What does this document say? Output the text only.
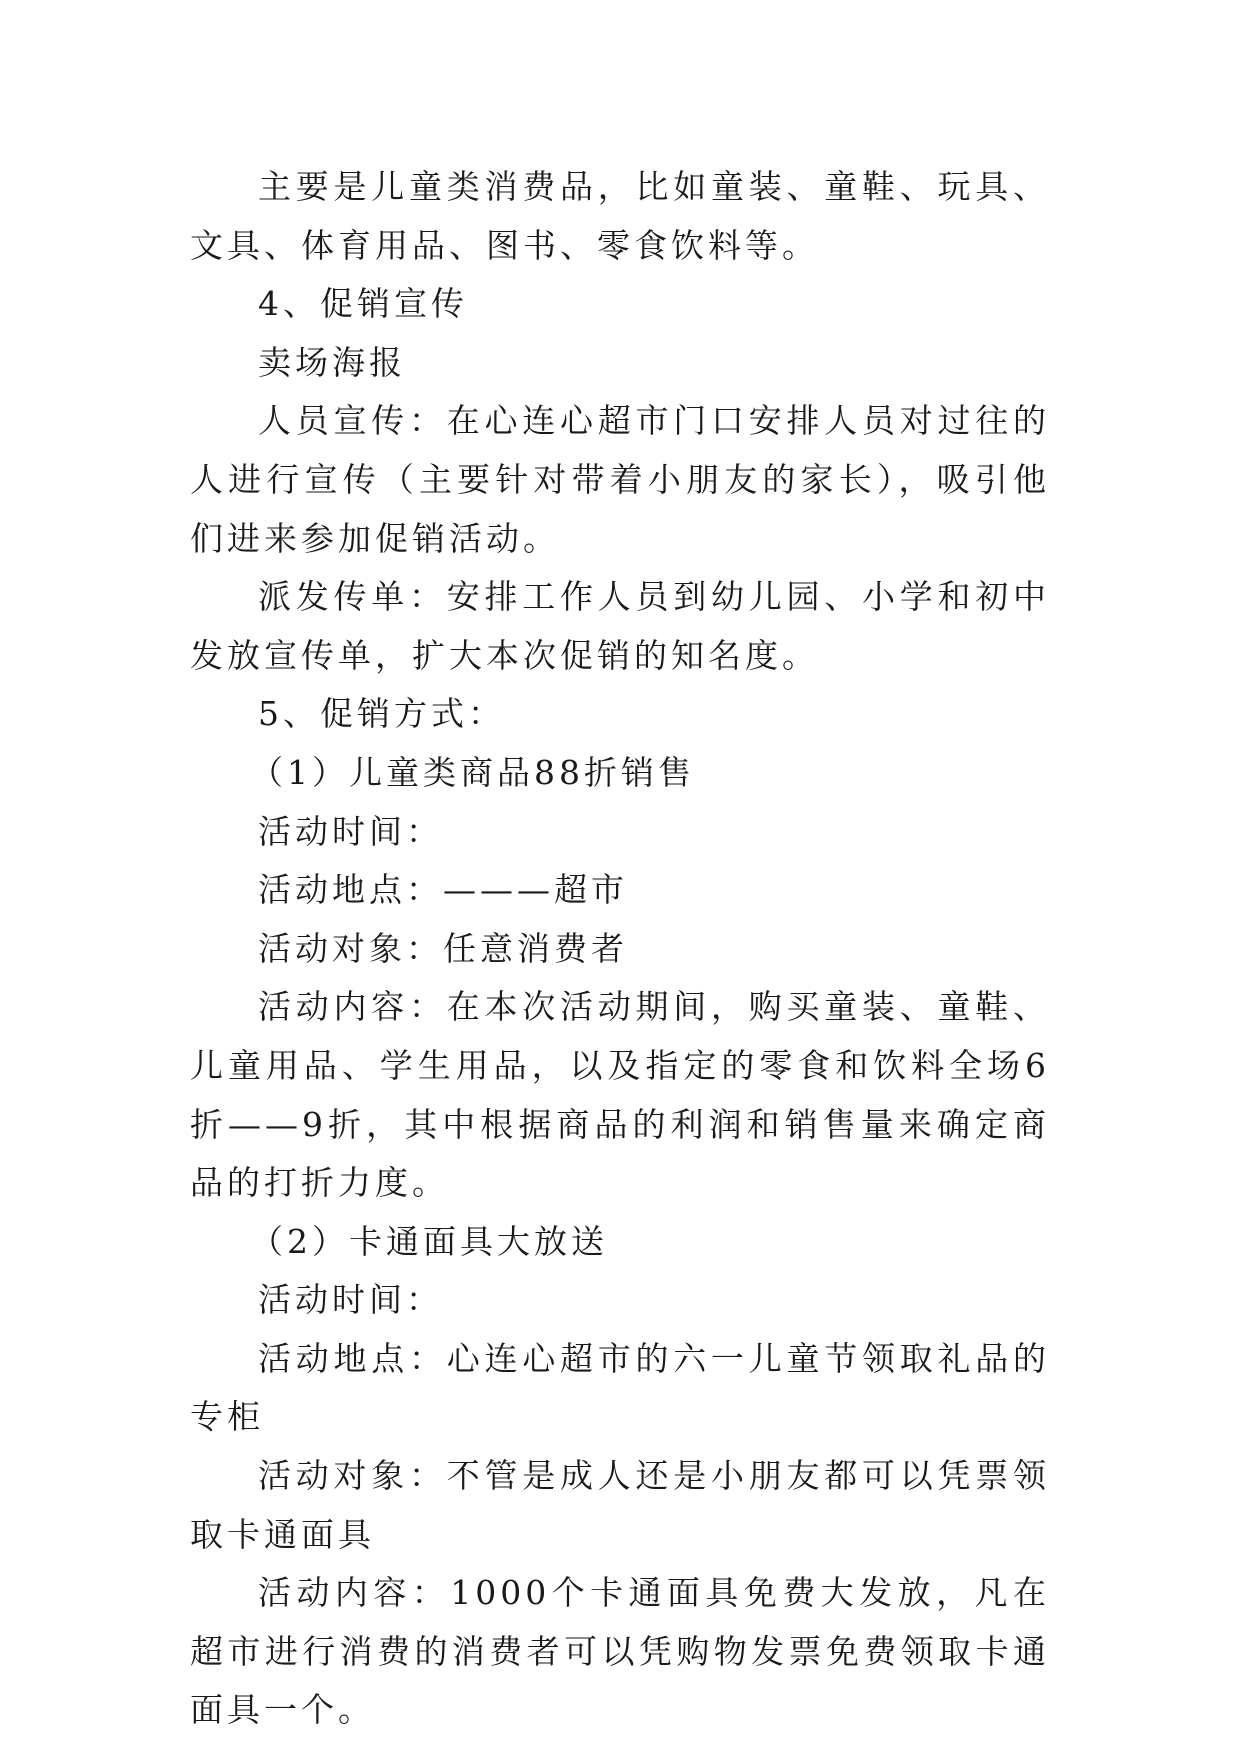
主要是儿童类消费品，比如童装、童鞋、玩具、文具、体育用品、图书、零食饮料等。

4、促销宣传

卖场海报

人员宣传：在心连心超市门口安排人员对过往的人进行宣传（主要针对带着小朋友的家长），吸引他们进来参加促销活动。

派发传单：安排工作人员到幼儿园、小学和初中发放宣传单，扩大本次促销的知名度。

5、促销方式：

（1）儿童类商品88折销售

活动时间：

活动地点：———超市

活动对象：任意消费者

活动内容：在本次活动期间，购买童装、童鞋、儿童用品、学生用品，以及指定的零食和饮料全场6折——9折，其中根据商品的利润和销售量来确定商品的打折力度。

（2）卡通面具大放送

活动时间：

活动地点：心连心超市的六一儿童节领取礼品的专柜

活动对象：不管是成人还是小朋友都可以凭票领取卡通面具

活动内容：1000个卡通面具免费大发放，凡在超市进行消费的消费者可以凭购物发票免费领取卡通面具一个。
